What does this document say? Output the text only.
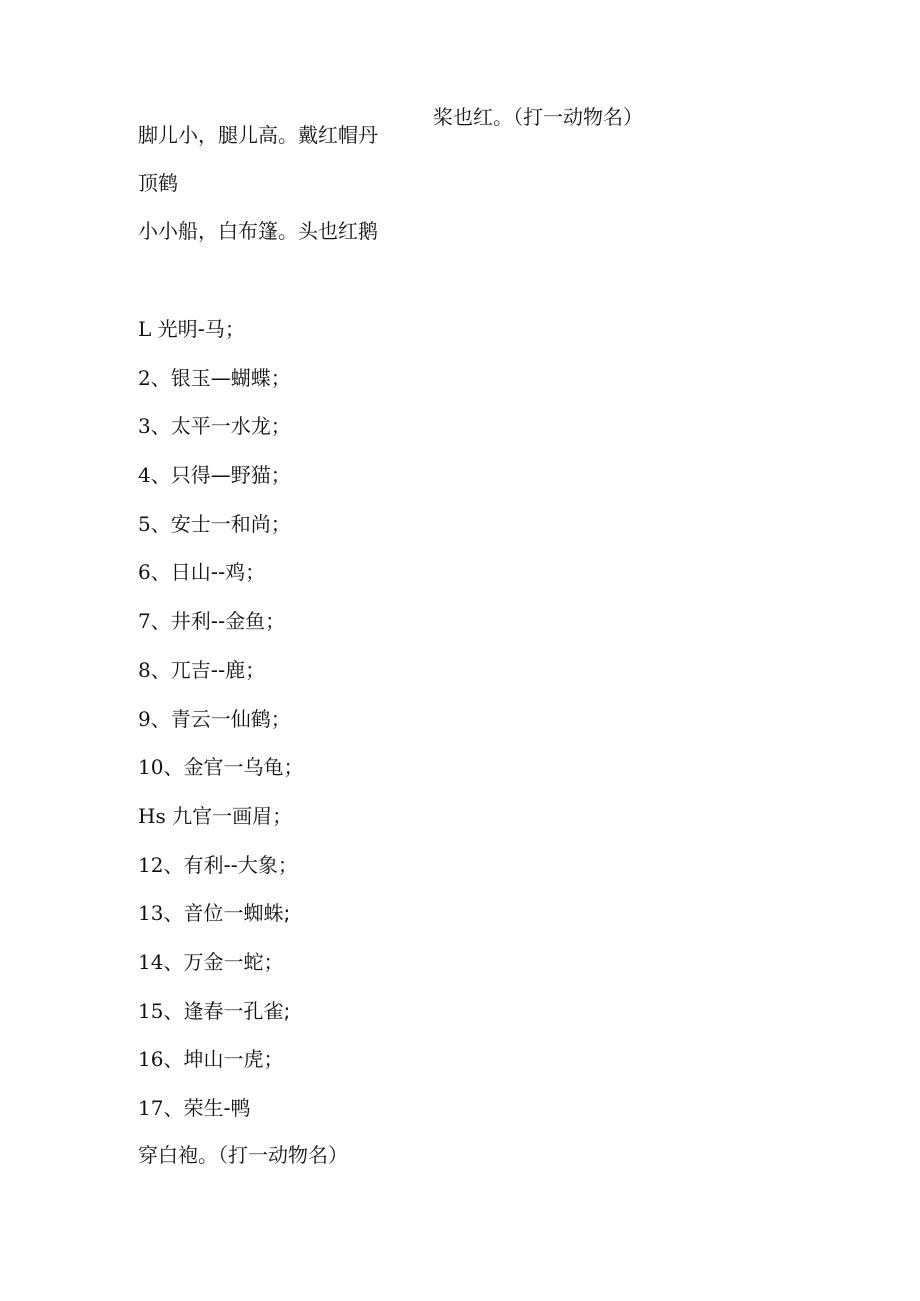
桨也红。（打一动物名）
脚儿小，腿儿高。戴红帽丹
顶鹤
小小船，白布篷。头也红鹅
L 光明-马；
2、银玉—蝴蝶；
3、太平一水龙；
4、只得—野猫；
5、安士一和尚；
6、日山--鸡；
7、井利--金鱼；
8、兀吉--鹿；
9、青云一仙鹤；
10、金官一乌龟；
Hs 九官一画眉；
12、有利--大象；
13、音位一蜘蛛;
14、万金一蛇；
15、逢春一孔雀;
16、坤山一虎；
17、荣生-鸭
穿白袍。（打一动物名）
